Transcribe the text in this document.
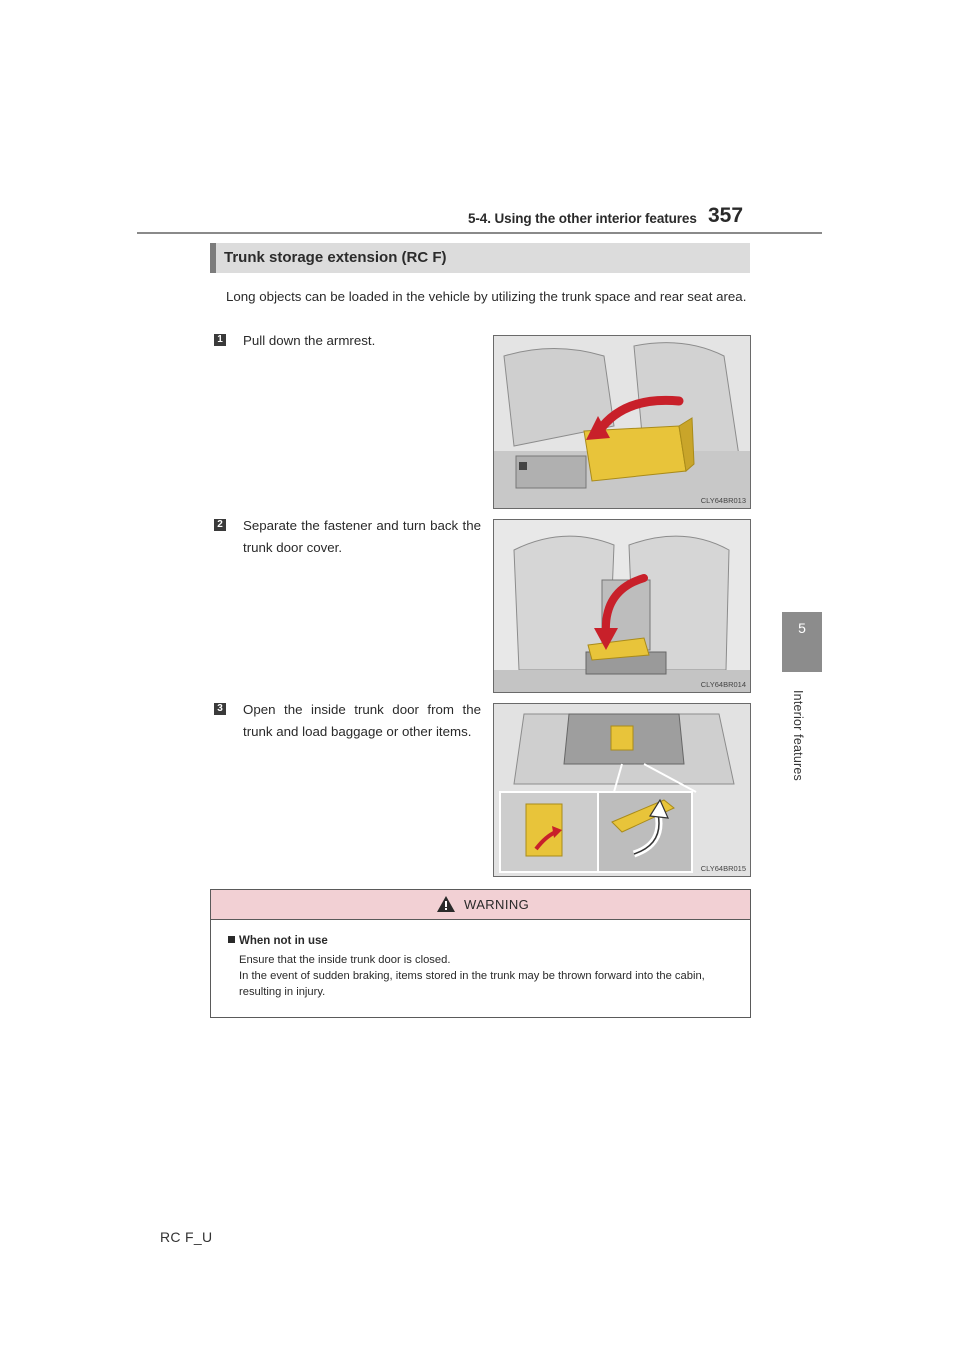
5-4. Using the other interior features 357
5
Interior features
Trunk storage extension (RC F)
Long objects can be loaded in the vehicle by utilizing the trunk space and rear seat area.
1 Pull down the armrest.
CLY64BR013
2 Separate the fastener and turn back the trunk door cover.
CLY64BR014
3 Open the inside trunk door from the trunk and load baggage or other items.
CLY64BR015
WARNING
When not in use
Ensure that the inside trunk door is closed.
In the event of sudden braking, items stored in the trunk may be thrown forward into the cabin, resulting in injury.
RC F_U
